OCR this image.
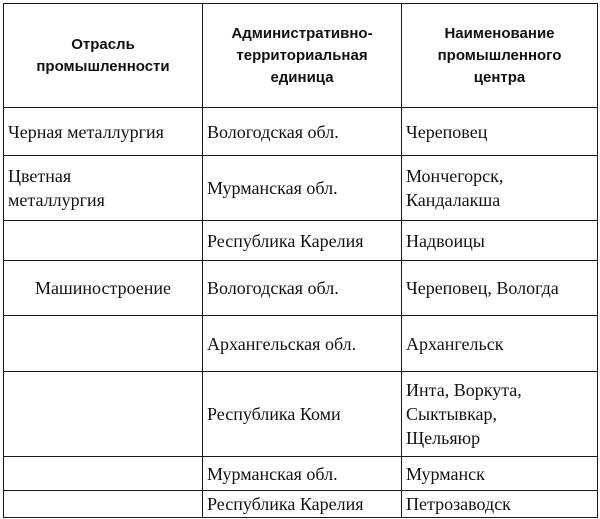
Отрасль
промышленности	Административно-
территориальная
единица	Наименование
промышленного
центра

Черная металлургия	Вологодская обл.	Череповец

Цветная
металлургия	Мурманская обл.	Мончегорск,
Кандалакша

	Республика Карелия	Надвоицы

Машиностроение	Вологодская обл.	Череповец, Вологда

	Архангельская обл.	Архангельск

	Республика Коми	Инта, Воркута,
Сыктывкар,
Щельяюр

	Мурманская обл.	Мурманск

	Республика Карелия	Петрозаводск
